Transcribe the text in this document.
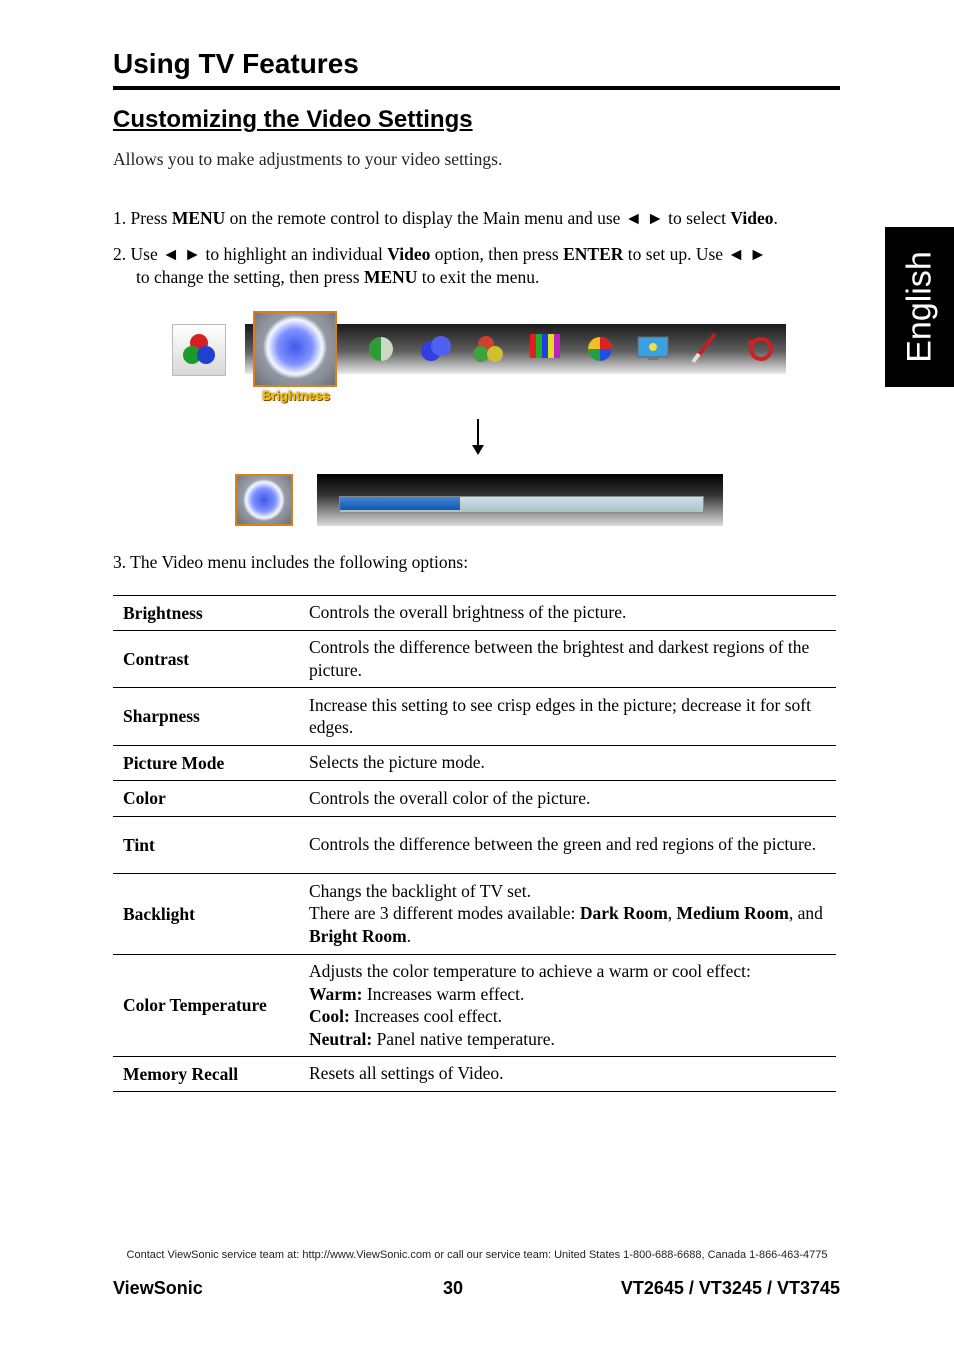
Using TV Features
Customizing the Video Settings
Allows you to make adjustments to your video settings.
English
1. Press MENU on the remote control to display the Main menu and use ◄ ► to select Video.
2. Use ◄ ► to highlight an individual Video option, then press ENTER to set up. Use ◄ ►
to change the setting, then press MENU to exit the menu.
Brightness
3. The Video menu includes the following options:
Brightness	Controls the overall brightness of the picture.
Contrast	Controls the difference between the brightest and darkest regions of the picture.
Sharpness	Increase this setting to see crisp edges in the picture; decrease it for soft edges.
Picture Mode	Selects the picture mode.
Color	Controls the overall color of the picture.
Tint	Controls the difference between the green and red regions of the picture.
Backlight	Changs the backlight of TV set.
There are 3 different modes available: Dark Room, Medium Room, and Bright Room.
Color Temperature	Adjusts the color temperature to achieve a warm or cool effect:
Warm: Increases warm effect.
Cool: Increases cool effect.
Neutral: Panel native temperature.
Memory Recall	Resets all settings of Video.
Contact ViewSonic service team at: http://www.ViewSonic.com or call our service team: United States 1-800-688-6688, Canada 1-866-463-4775
ViewSonic	30	VT2645 / VT3245 / VT3745
